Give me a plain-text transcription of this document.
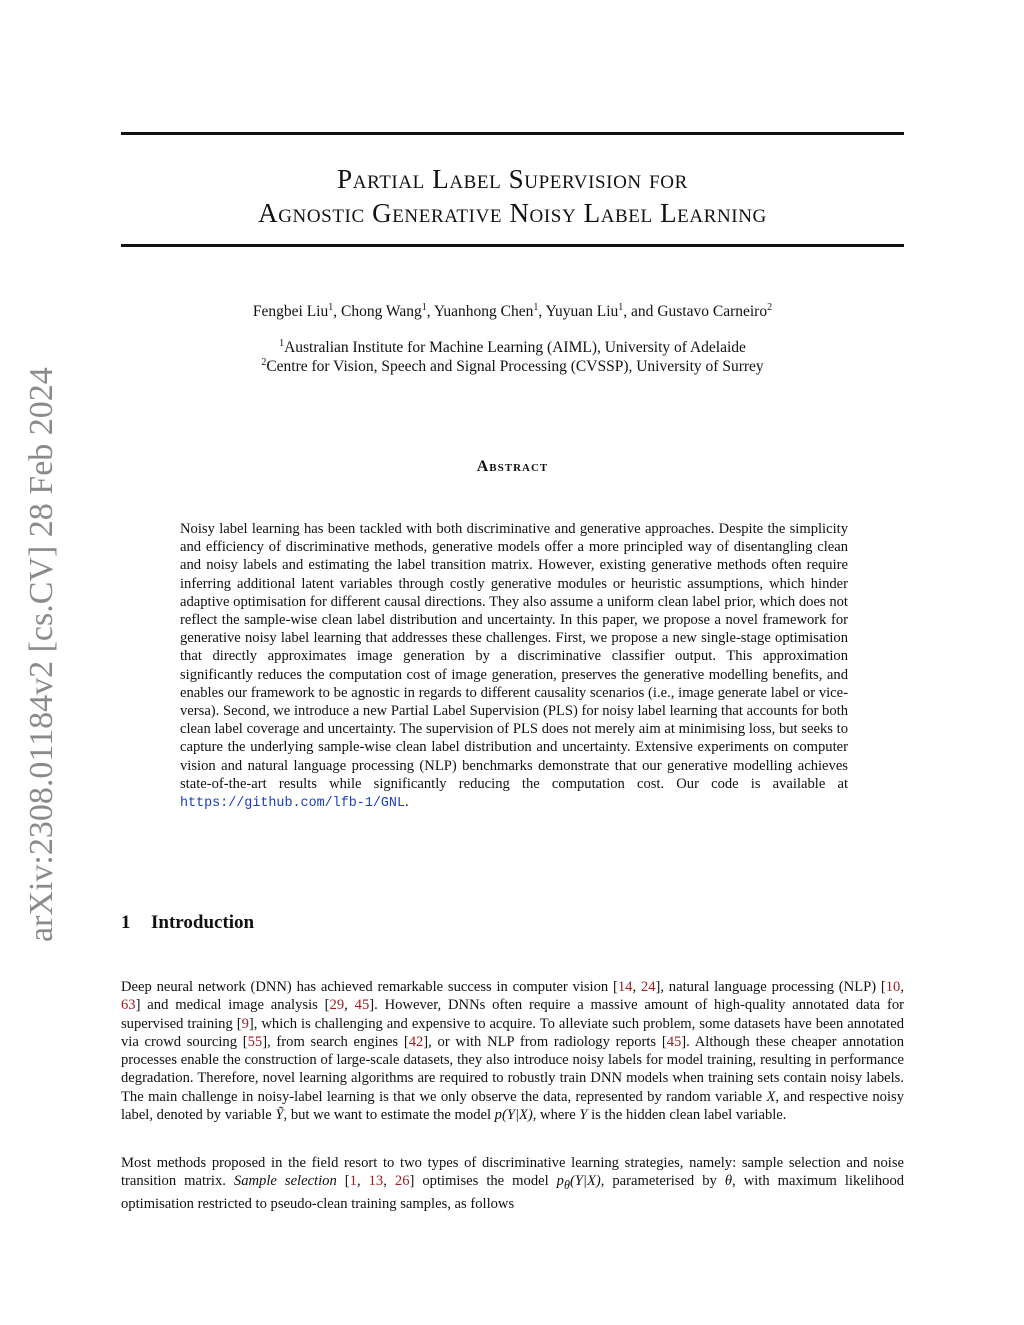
arXiv:2308.01184v2 [cs.CV] 28 Feb 2024
Partial Label Supervision for
Agnostic Generative Noisy Label Learning
Fengbei Liu$^1$, Chong Wang$^1$, Yuanhong Chen$^1$, Yuyuan Liu$^1$, and Gustavo Carneiro$^2$
$^1$Australian Institute for Machine Learning (AIML), University of Adelaide
$^2$Centre for Vision, Speech and Signal Processing (CVSSP), University of Surrey
Abstract
Noisy label learning has been tackled with both discriminative and generative approaches. Despite the simplicity and efficiency of discriminative methods, generative models offer a more principled way of disentangling clean and noisy labels and estimating the label transition matrix. However, existing generative methods often require inferring additional latent variables through costly generative modules or heuristic assumptions, which hinder adaptive optimisation for different causal directions. They also assume a uniform clean label prior, which does not reflect the sample-wise clean label distribution and uncertainty. In this paper, we propose a novel framework for generative noisy label learning that addresses these challenges. First, we propose a new single-stage optimisation that directly approximates image generation by a discriminative classifier output. This approximation significantly reduces the computation cost of image generation, preserves the generative modelling benefits, and enables our framework to be agnostic in regards to different causality scenarios (i.e., image generate label or vice-versa). Second, we introduce a new Partial Label Supervision (PLS) for noisy label learning that accounts for both clean label coverage and uncertainty. The supervision of PLS does not merely aim at minimising loss, but seeks to capture the underlying sample-wise clean label distribution and uncertainty. Extensive experiments on computer vision and natural language processing (NLP) benchmarks demonstrate that our generative modelling achieves state-of-the-art results while significantly reducing the computation cost. Our code is available at https://github.com/lfb-1/GNL.
1 Introduction
Deep neural network (DNN) has achieved remarkable success in computer vision [14, 24], natural language processing (NLP) [10, 63] and medical image analysis [29, 45]. However, DNNs often require a massive amount of high-quality annotated data for supervised training [9], which is challenging and expensive to acquire. To alleviate such problem, some datasets have been annotated via crowd sourcing [55], from search engines [42], or with NLP from radiology reports [45]. Although these cheaper annotation processes enable the construction of large-scale datasets, they also introduce noisy labels for model training, resulting in performance degradation. Therefore, novel learning algorithms are required to robustly train DNN models when training sets contain noisy labels. The main challenge in noisy-label learning is that we only observe the data, represented by random variable X, and respective noisy label, denoted by variable Ỹ, but we want to estimate the model p(Y|X), where Y is the hidden clean label variable.
Most methods proposed in the field resort to two types of discriminative learning strategies, namely: sample selection and noise transition matrix. Sample selection [1, 13, 26] optimises the model $p_\theta(Y|X)$, parameterised by θ, with maximum likelihood optimisation restricted to pseudo-clean training samples, as follows
